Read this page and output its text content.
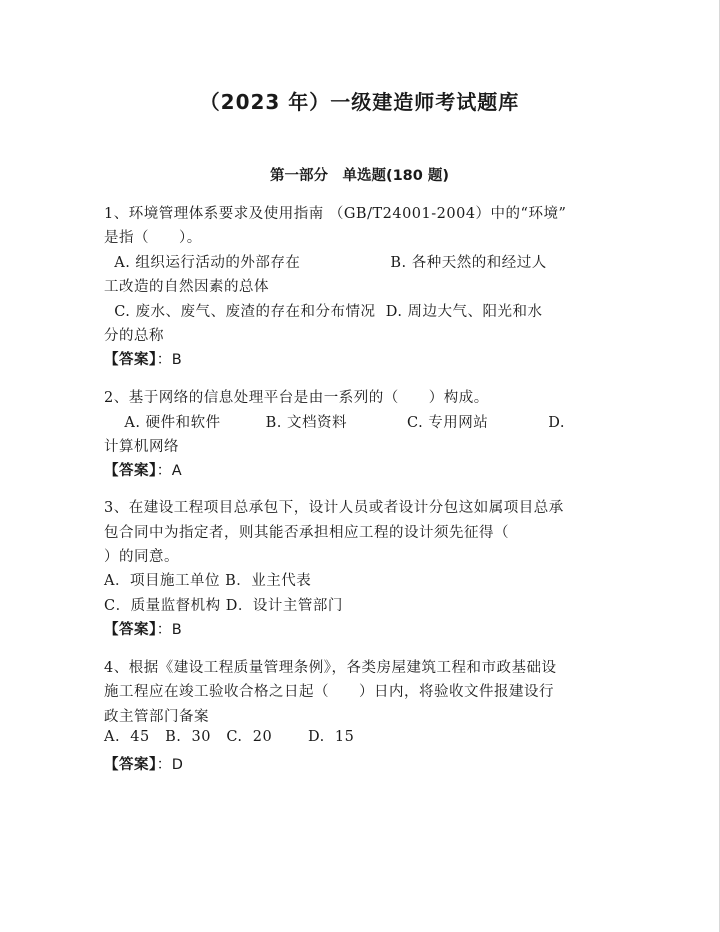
（2023 年）一级建造师考试题库
第一部分　单选题(180 题)
1、环境管理体系要求及使用指南 （GB/T24001-2004）中的“环境”
是指（　　）。
A. 组织运行活动的外部存在　　　　　　B. 各种天然的和经过人
工改造的自然因素的总体
C. 废水、废气、废渣的存在和分布情况  D. 周边大气、阳光和水
分的总称
【答案】：B
2、基于网络的信息处理平台是由一系列的（　　）构成。
A. 硬件和软件　　　B. 文档资料　　　　C. 专用网站　　　　D.
计算机网络
【答案】：A
3、在建设工程项目总承包下，设计人员或者设计分包这如属项目总承
包合同中为指定者，则其能否承担相应工程的设计须先征得（
）的同意。
A．项目施工单位 B．业主代表
C．质量监督机构 D．设计主管部门
【答案】：B
4、根据《建设工程质量管理条例》，各类房屋建筑工程和市政基础设
施工程应在竣工验收合格之日起（　　）日内，将验收文件报建设行
政主管部门备案
A.  45   B.  30   C.  20       D.  15
【答案】：D
